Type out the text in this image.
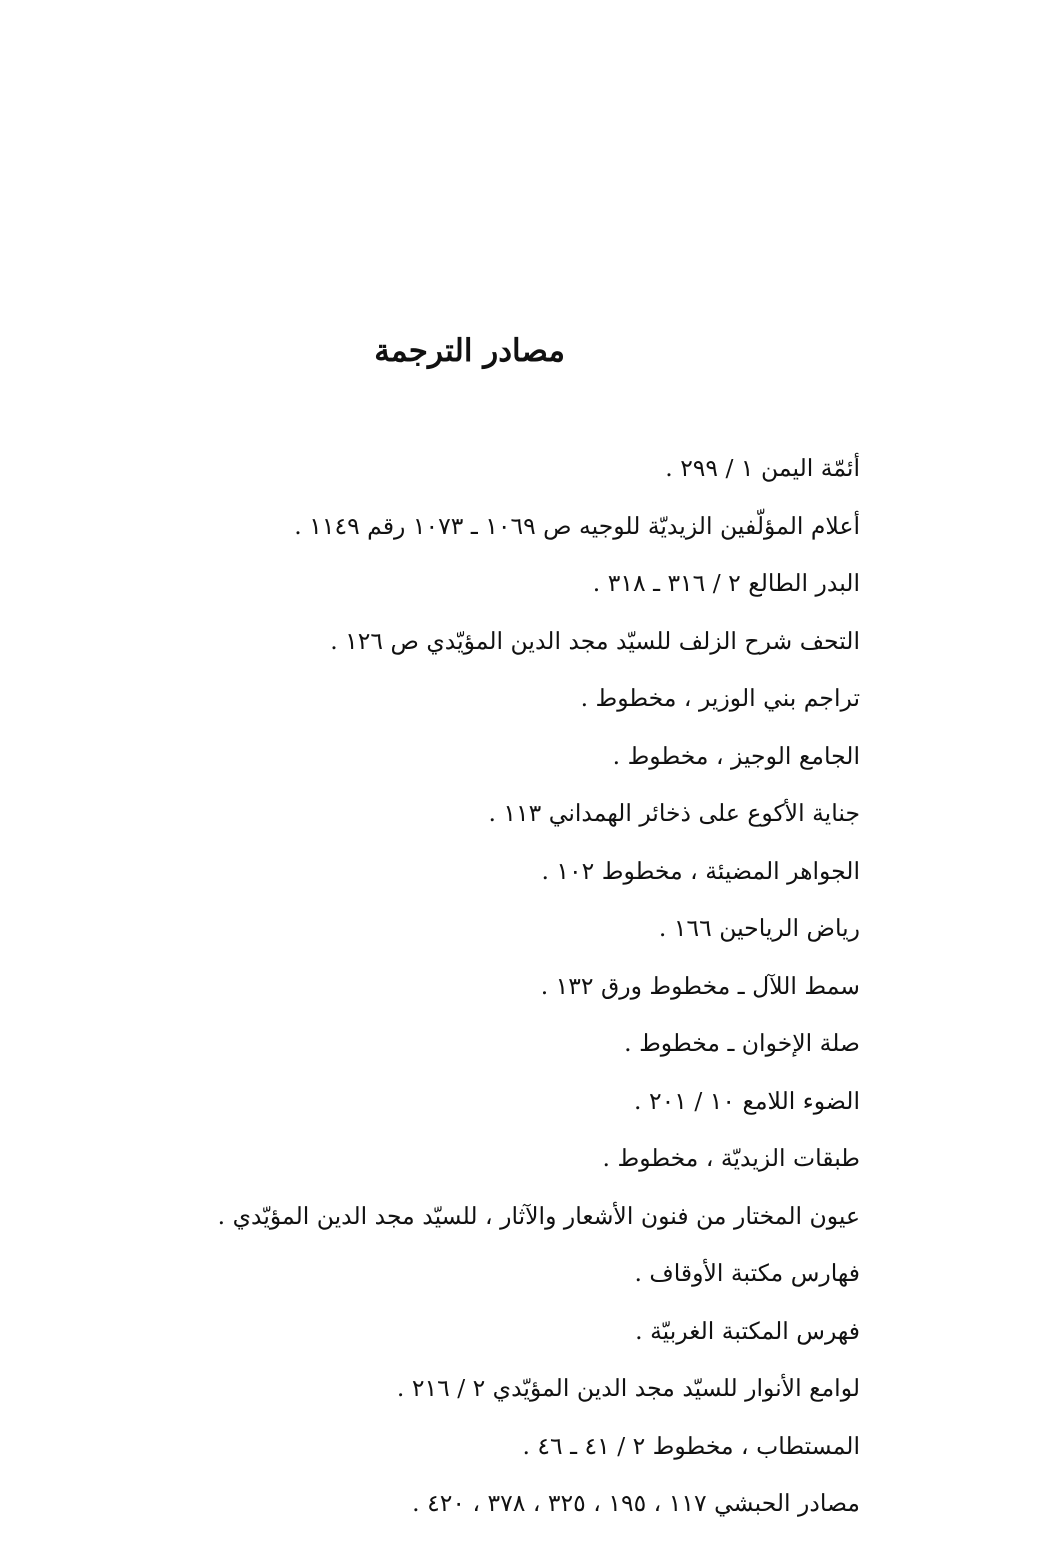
مصادر الترجمة
أئمّة اليمن ١ / ٢٩٩ .
أعلام المؤلّفين الزيديّة للوجيه ص ١٠٦٩ ـ ١٠٧٣ رقم ١١٤٩ .
البدر الطالع ٢ / ٣١٦ ـ ٣١٨ .
التحف شرح الزلف للسيّد مجد الدين المؤيّدي ص ١٢٦ .
تراجم بني الوزير ، مخطوط .
الجامع الوجيز ، مخطوط .
جناية الأكوع على ذخائر الهمداني ١١٣ .
الجواهر المضيئة ، مخطوط ١٠٢ .
رياض الرياحين ١٦٦ .
سمط اللآل ـ مخطوط ورق ١٣٢ .
صلة الإخوان ـ مخطوط .
الضوء اللامع ١٠ / ٢٠١ .
طبقات الزيديّة ، مخطوط .
عيون المختار من فنون الأشعار والآثار ، للسيّد مجد الدين المؤيّدي .
فهارس مكتبة الأوقاف .
فهرس المكتبة الغربيّة .
لوامع الأنوار للسيّد مجد الدين المؤيّدي ٢ / ٢١٦ .
المستطاب ، مخطوط ٢ / ٤١ ـ ٤٦ .
مصادر الحبشي ١١٧ ، ١٩٥ ، ٣٢٥ ، ٣٧٨ ، ٤٢٠ .
